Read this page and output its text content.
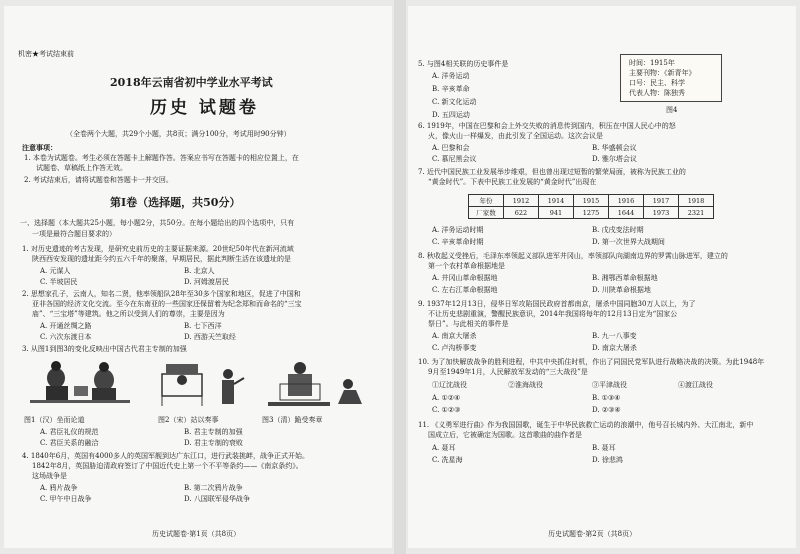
机密★考试结束前
2018年云南省初中学业水平考试
历史 试题卷
（全卷两个大题，共29个小题，共8页；满分100分，考试用时90分钟）
注意事项：
1. 本卷为试题卷。考生必须在答题卡上解题作答。答案应书写在答题卡的相应位置上，在
试题卷、草稿纸上作答无效。
2. 考试结束后，请将试题卷和答题卡一并交回。
第Ⅰ卷（选择题，共50分）
一、选择题（本大题共25小题，每小题2分，共50分。在每小题给出的四个选项中，只有
一项是最符合题目要求的）
1. 对历史遗迹的考古发现，是研究史前历史的主要证据来源。20世纪50年代在新河流域
陕西西安发现的遗址距今约五六千年的聚落，早期居民，据此判断生活在该遗址的是
A. 元谋人	B. 北京人
C. 半坡居民	D. 河姆渡居民
2. 思想家孔子，云南人，知名二贤，他率领船队28年至30多个国家和地区，促进了中国和
亚非各国的经济文化交流。至今在东南亚的一些国家还保留着为纪念郑和而命名的“三宝
庙”、“三宝塔”等建筑。他之所以受到人们的尊崇，主要是因为
A. 开通丝绸之路	B. 七下西洋
C. 六次东渡日本	D. 西游天竺取经
3. 从图1到图3的变化反映出中国古代君主专制的加强
图1（汉）坐而论道	图2（宋）站以奏事	图3（清）跪受奏章
A. 君臣礼仪的规范	B. 君主专制的加强
C. 君臣关系的融洽	D. 君主专制的衰败
4. 1840年6月，英国有4000多人的英国军舰到达广东江口，进行武装挑衅，战争正式开始。
1842年8月，英国胁迫清政府签订了中国近代史上第一个不平等条约——《南京条约》。
这场战争是
A. 鸦片战争	B. 第二次鸦片战争
C. 甲午中日战争	D. 八国联军侵华战争
历史试题卷·第1页（共8页）
5. 与图4相关联的历史事件是
A. 洋务运动
B. 辛亥革命
C. 新文化运动
D. 五四运动
时间：1915年
主要刊物：《新青年》
口号：民主、科学
代表人物：陈独秀
图4
6. 1919年，中国在巴黎和会上外交失败的消息传到国内，积压在中国人民心中的怒
火，像火山一样爆发，由此引发了全国运动。这次会议是
A. 巴黎和会	B. 华盛顿会议
C. 慕尼黑会议	D. 雅尔塔会议
7. 近代中国民族工业发展举步维艰，但也曾出现过短暂的繁荣局面，被称为民族工业的
“黄金时代”。下表中民族工业发展的“黄金时代”出现在
年份	1912	1914	1915	1916	1917	1918
厂家数	622	941	1275	1644	1973	2321
A. 洋务运动时期	B. 戊戌变法时期
C. 辛亥革命时期	D. 第一次世界大战期间
8. 秋收起义受挫后，毛泽东率领起义部队进军井冈山，率领部队向湖南边界的罗霄山脉进军，建立的
第一个农村革命根据地是
A. 井冈山革命根据地	B. 湘鄂西革命根据地
C. 左右江革命根据地	D. 川陕革命根据地
9. 1937年12月13日，侵华日军攻陷国民政府首都南京，屠杀中国同胞30万人以上，为了
不让历史悲剧重演，警醒民族意识，2014年我国将每年的12月13日定为“国家公
祭日”。与此相关的事件是
A. 南京大屠杀	B. 九一八事变
C. 卢沟桥事变	D. 南京大屠杀
10. 为了加快解放战争的胜利进程，中共中央抓住时机，作出了同国民党军队进行战略决战的决策。为此1948年
9月至1949年1月，人民解放军发动的“三大战役”是
①辽沈战役	②淮海战役	③平津战役	④渡江战役
A. ①②④	B. ①③④
C. ①②③	D. ②③④
11. 《义勇军进行曲》作为我国国歌，诞生于中华民族救亡运动的浪潮中，他号召长城内外、大江南北，新中
国成立后，它被确定为国歌。这首歌曲的曲作者是
A. 聂耳	B. 聂耳
C. 冼星海	D. 徐悲鸿
历史试题卷·第2页（共8页）
